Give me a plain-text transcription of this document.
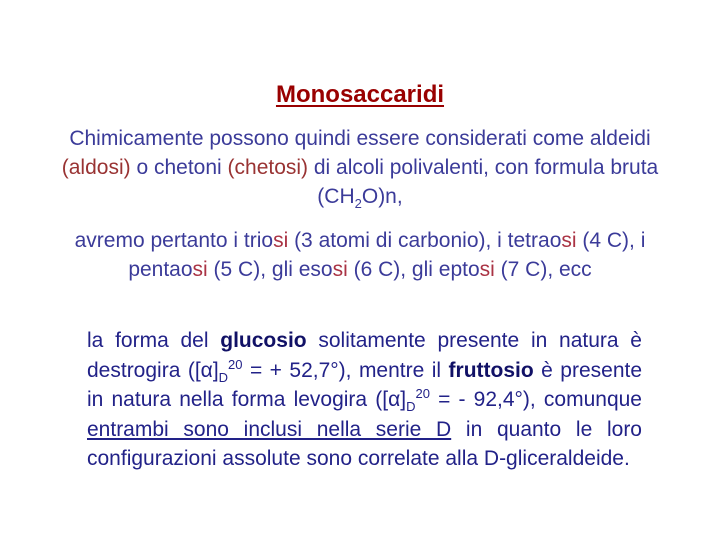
Monosaccaridi
Chimicamente possono quindi essere considerati come aldeidi (aldosi) o chetoni (chetosi) di alcoli polivalenti, con formula bruta $(CH_2O)n$,
avremo pertanto i triosi (3 atomi di carbonio), i tetraosi (4 C), i pentaosi (5 C), gli esosi (6 C), gli eptosi (7 C), ecc
la forma del glucosio solitamente presente in natura è destrogira ($[\alpha]_D^{20}$ = + 52,7°), mentre il fruttosio è presente in natura nella forma levogira ($[\alpha]_D^{20}$ = - 92,4°), comunque entrambi sono inclusi nella serie D in quanto le loro configurazioni assolute sono correlate alla D-gliceraldeide.
